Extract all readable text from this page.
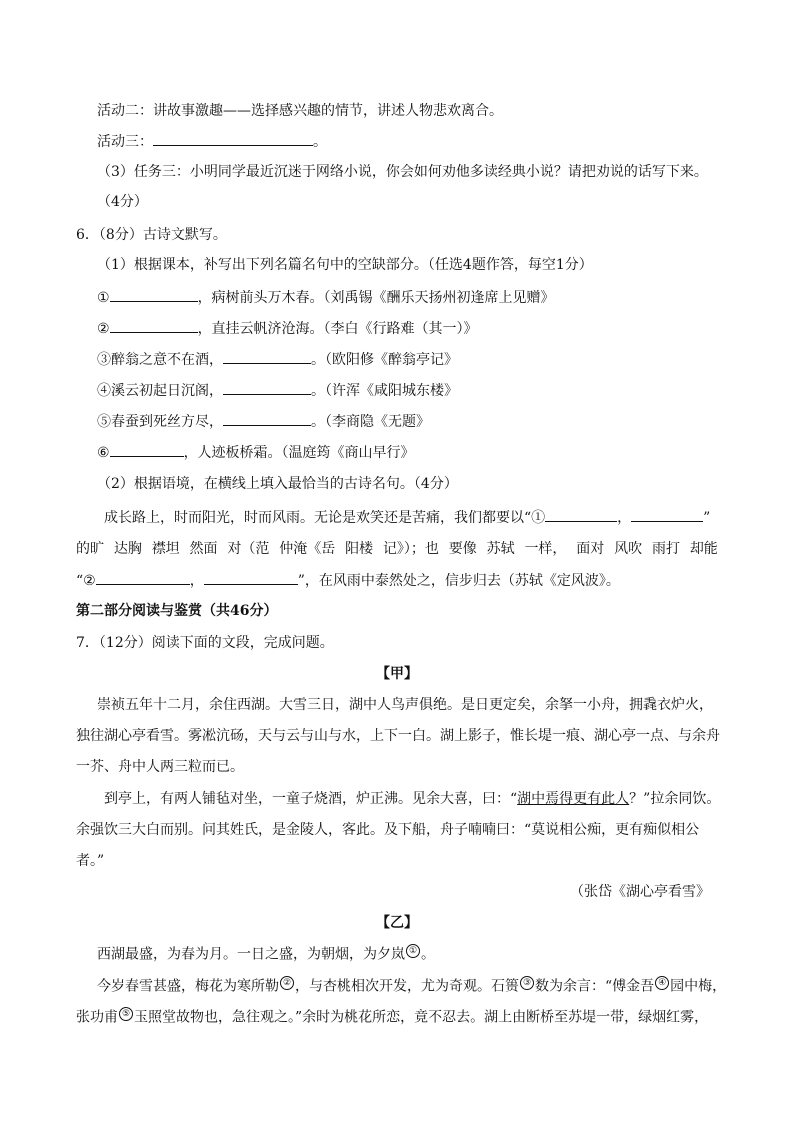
活动二：讲故事激趣——选择感兴趣的情节，讲述人物悲欢离合。
活动三：	。
（3）任务三：小明同学最近沉迷于网络小说，你会如何劝他多读经典小说？请把劝说的话写下来。
（4分）
6．（8分）古诗文默写。
（1）根据课本，补写出下列名篇名句中的空缺部分。（任选4题作答，每空1分）
①	，病树前头万木春。（刘禹锡《酬乐天扬州初逢席上见赠》
②	，直挂云帆济沧海。（李白《行路难（其一）》
③醉翁之意不在酒，	。（欧阳修《醉翁亭记》
④溪云初起日沉阁，	。（许浑《咸阳城东楼》
⑤春蚕到死丝方尽，	。（李商隐《无题》
⑥	，人迹板桥霜。（温庭筠《商山早行》
（2）根据语境，在横线上填入最恰当的古诗名句。（4分）
成长路上，时而阳光，时而风雨。无论是欢笑还是苦痛，我们都要以“①	，	”
的旷 达胸 襟坦 然面 对（范 仲淹《岳 阳楼 记》）；也 要像 苏轼 一样， 面对 风吹 雨打 却能
“②	，	”，在风雨中泰然处之，信步归去（苏轼《定风波》。
第二部分阅读与鉴赏（共46分）
7．（12分）阅读下面的文段，完成问题。
【甲】
崇祯五年十二月，余住西湖。大雪三日，湖中人鸟声俱绝。是日更定矣，余拏一小舟，拥毳衣炉火，
独往湖心亭看雪。雾凇沆砀，天与云与山与水，上下一白。湖上影子，惟长堤一痕、湖心亭一点、与余舟
一芥、舟中人两三粒而已。
到亭上，有两人铺毡对坐，一童子烧酒，炉正沸。见余大喜，曰：“湖中焉得更有此人？”拉余同饮。
余强饮三大白而别。问其姓氏，是金陵人，客此。及下船，舟子喃喃曰：“莫说相公痴，更有痴似相公
者。”
（张岱《湖心亭看雪》
【乙】
西湖最盛，为春为月。一日之盛，为朝烟，为夕岚 ① 。
今岁春雪甚盛，梅花为寒所勒 ② ，与杏桃相次开发，尤为奇观。石篑 ③ 数为余言：“傅金吾 ④ 园中梅，
张功甫 ⑤ 玉照堂故物也，急往观之。”余时为桃花所恋，竟不忍去。湖上由断桥至苏堤一带，绿烟红雾，
